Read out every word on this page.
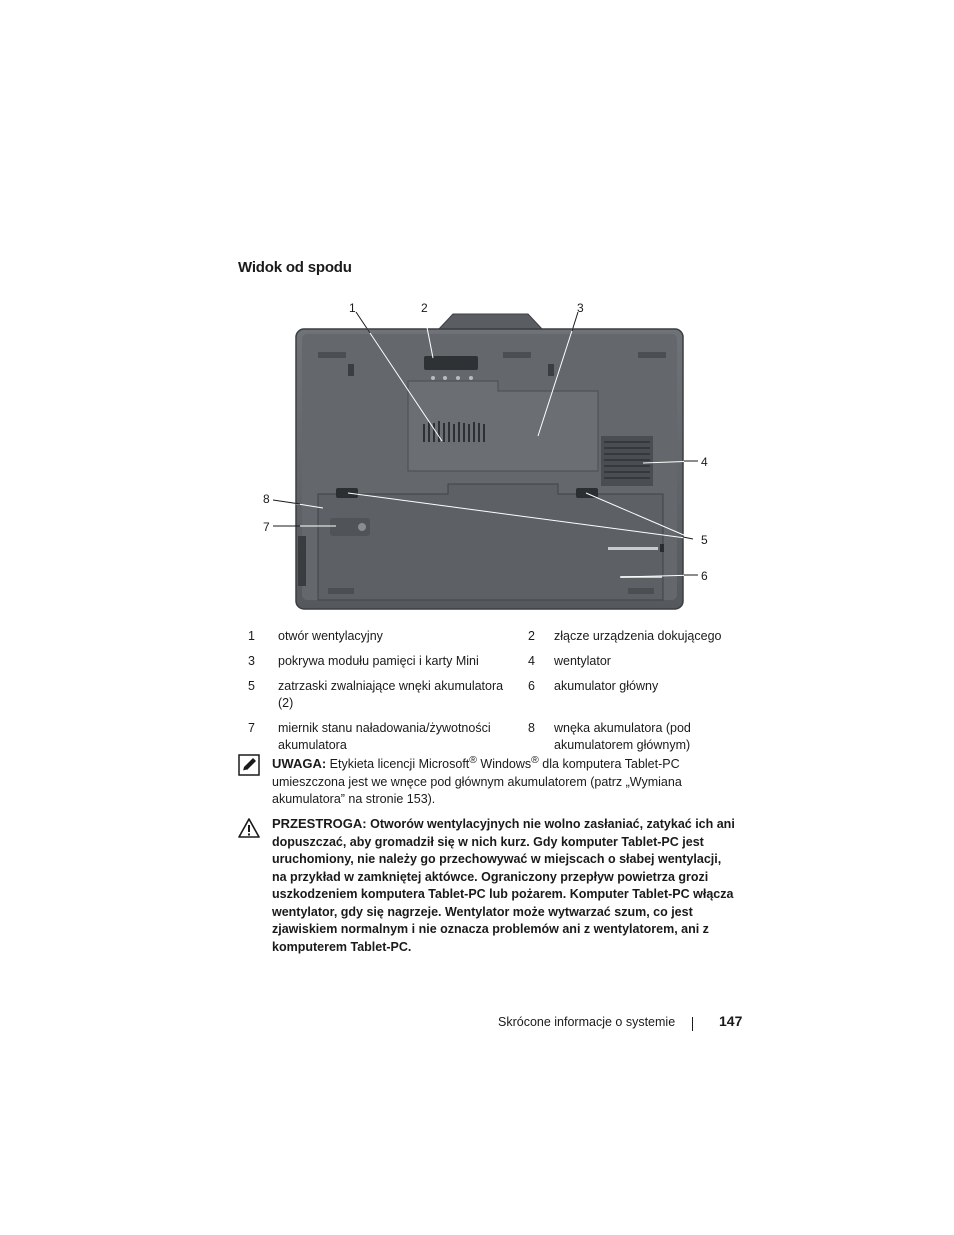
Widok od spodu
1	2	3
4
5
6
7
8
1	otwór wentylacyjny	2	złącze urządzenia dokującego
3	pokrywa modułu pamięci i karty Mini	4	wentylator
5	zatrzaski zwalniające wnęki akumulatora (2)	6	akumulator główny
7	miernik stanu naładowania/żywotności akumulatora	8	wnęka akumulatora (pod akumulatorem głównym)
UWAGA: Etykieta licencji Microsoft® Windows® dla komputera Tablet-PC umieszczona jest we wnęce pod głównym akumulatorem (patrz „Wymiana akumulatora” na stronie 153).
PRZESTROGA: Otworów wentylacyjnych nie wolno zasłaniać, zatykać ich ani dopuszczać, aby gromadził się w nich kurz. Gdy komputer Tablet-PC jest uruchomiony, nie należy go przechowywać w miejscach o słabej wentylacji, na przykład w zamkniętej aktówce. Ograniczony przepływ powietrza grozi uszkodzeniem komputera Tablet-PC lub pożarem. Komputer Tablet-PC włącza wentylator, gdy się nagrzeje. Wentylator może wytwarzać szum, co jest zjawiskiem normalnym i nie oznacza problemów ani z wentylatorem, ani z komputerem Tablet-PC.
Skrócone informacje o systemie	147
